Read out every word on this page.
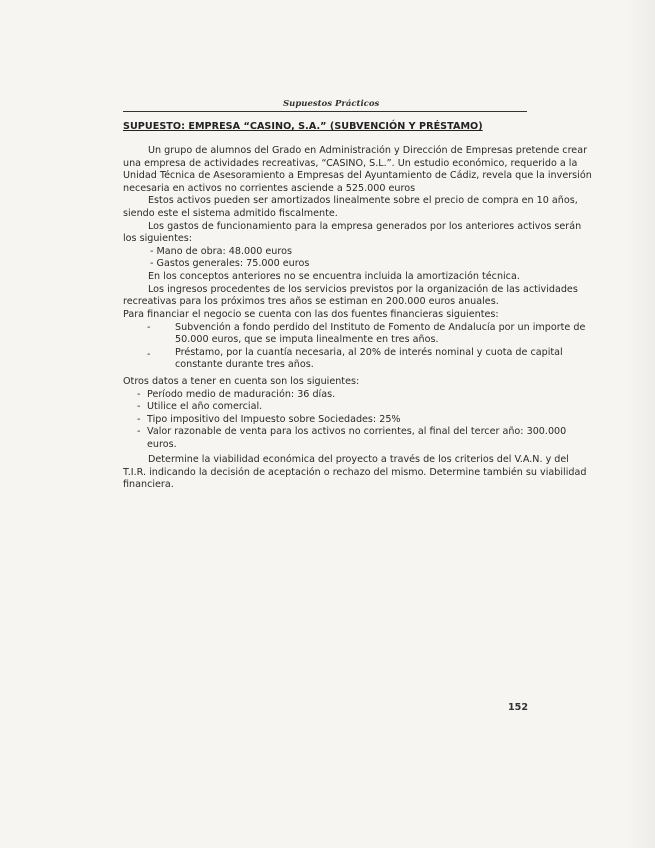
Supuestos Prácticos
SUPUESTO: EMPRESA “CASINO, S.A.” (SUBVENCIÓN Y PRÉSTAMO)
Un grupo de alumnos del Grado en Administración y Dirección de Empresas pretende crear
una empresa de actividades recreativas, “CASINO, S.L.”. Un estudio económico, requerido a la
Unidad Técnica de Asesoramiento a Empresas del Ayuntamiento de Cádiz, revela que la inversión
necesaria en activos no corrientes asciende a 525.000 euros
Estos activos pueden ser amortizados linealmente sobre el precio de compra en 10 años,
siendo este el sistema admitido fiscalmente.
Los gastos de funcionamiento para la empresa generados por los anteriores activos serán
los siguientes:
- Mano de obra: 48.000 euros
- Gastos generales: 75.000 euros
En los conceptos anteriores no se encuentra incluida la amortización técnica.
Los ingresos procedentes de los servicios previstos por la organización de las actividades
recreativas para los próximos tres años se estiman en 200.000 euros anuales.
Para financiar el negocio se cuenta con las dos fuentes financieras siguientes:
-	Subvención a fondo perdido del Instituto de Fomento de Andalucía por un importe de
50.000 euros, que se imputa linealmente en tres años.
-	Préstamo, por la cuantía necesaria, al 20% de interés nominal y cuota de capital
constante durante tres años.
Otros datos a tener en cuenta son los siguientes:
- Período medio de maduración: 36 días.
- Utilice el año comercial.
- Tipo impositivo del Impuesto sobre Sociedades: 25%
- Valor razonable de venta para los activos no corrientes, al final del tercer año: 300.000
euros.
Determine la viabilidad económica del proyecto a través de los criterios del V.A.N. y del
T.I.R. indicando la decisión de aceptación o rechazo del mismo. Determine también su viabilidad
financiera.
152
